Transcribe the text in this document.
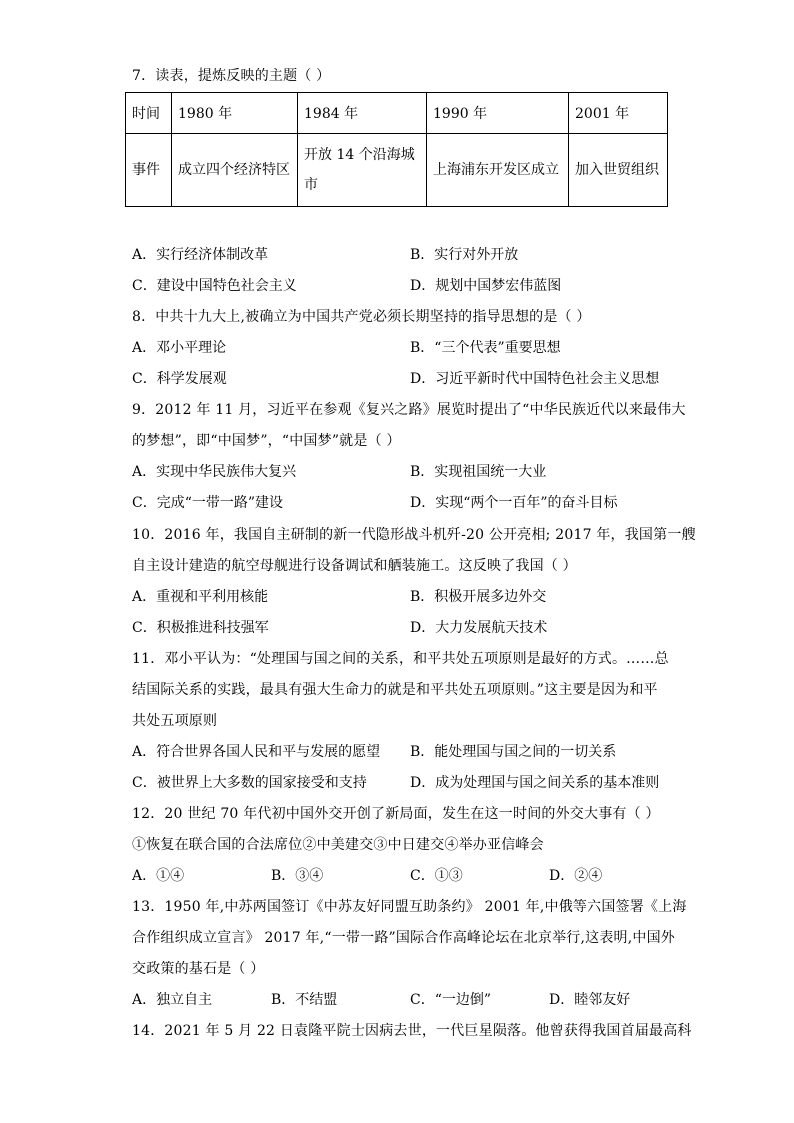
7．读表，提炼反映的主题（ ）
时间	1980 年	1984 年	1990 年	2001 年
事件	成立四个经济特区	开放 14 个沿海城市	上海浦东开发区成立	加入世贸组织
A．实行经济体制改革	B．实行对外开放
C．建设中国特色社会主义	D．规划中国梦宏伟蓝图
8．中共十九大上,被确立为中国共产党必须长期坚持的指导思想的是（ ）
A．邓小平理论	B．“三个代表”重要思想
C．科学发展观	D．习近平新时代中国特色社会主义思想
9．2012 年 11 月，习近平在参观《复兴之路》展览时提出了“中华民族近代以来最伟大
的梦想”，即“中国梦”，“中国梦”就是（ ）
A．实现中华民族伟大复兴	B．实现祖国统一大业
C．完成“一带一路”建设	D．实现“两个一百年”的奋斗目标
10．2016 年，我国自主研制的新一代隐形战斗机歼-20 公开亮相; 2017 年，我国第一艘
自主设计建造的航空母舰进行设备调试和舾装施工。这反映了我国（ ）
A．重视和平利用核能	B．积极开展多边外交
C．积极推进科技强军	D．大力发展航天技术
11．邓小平认为：“处理国与国之间的关系，和平共处五项原则是最好的方式。……总
结国际关系的实践，最具有强大生命力的就是和平共处五项原则。”这主要是因为和平
共处五项原则
A．符合世界各国人民和平与发展的愿望 B．能处理国与国之间的一切关系
C．被世界上大多数的国家接受和支持	D．成为处理国与国之间关系的基本准则
12．20 世纪 70 年代初中国外交开创了新局面，发生在这一时间的外交大事有（ ）
①恢复在联合国的合法席位②中美建交③中日建交④举办亚信峰会
A．①④	B．③④	C．①③	D．②④
13．1950 年,中苏两国签订《中苏友好同盟互助条约》 2001 年,中俄等六国签署《上海
合作组织成立宣言》 2017 年,“一带一路”国际合作高峰论坛在北京举行,这表明,中国外
交政策的基石是（ ）
A．独立自主	B．不结盟	C．“一边倒”	D．睦邻友好
14．2021 年 5 月 22 日袁隆平院士因病去世，一代巨星陨落。他曾获得我国首届最高科
